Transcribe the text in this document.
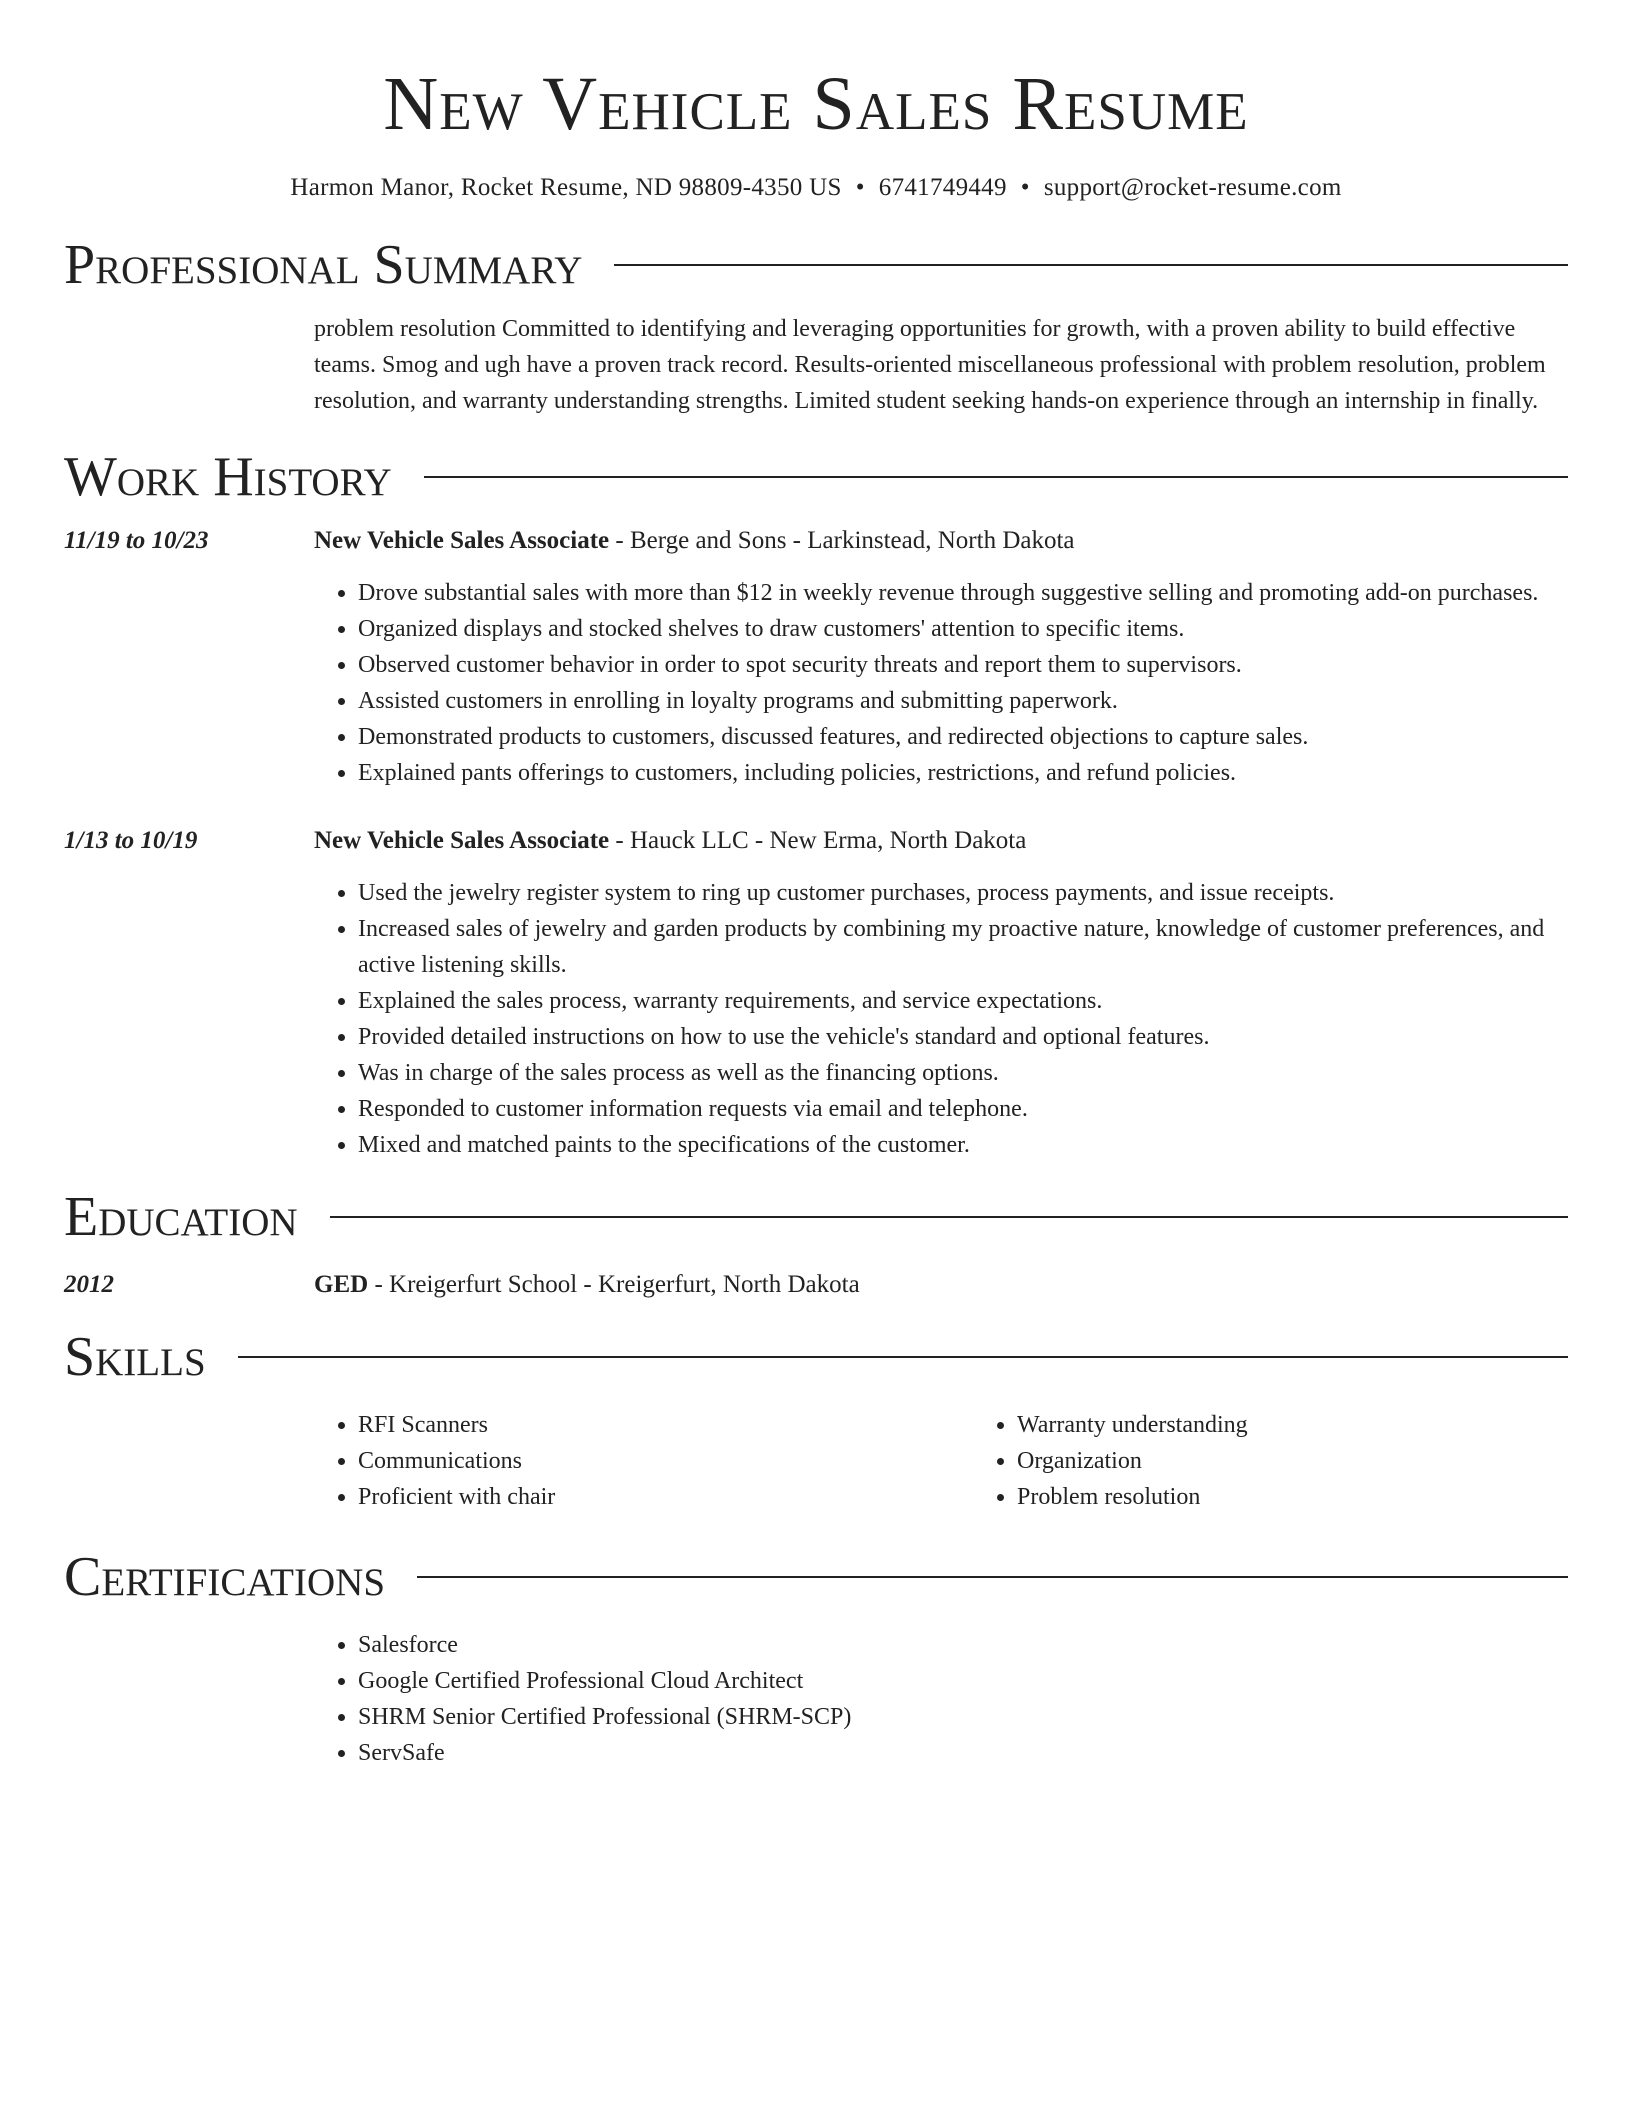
New Vehicle Sales Resume
Harmon Manor, Rocket Resume, ND 98809-4350 US • 6741749449 • support@rocket-resume.com
Professional Summary
problem resolution Committed to identifying and leveraging opportunities for growth, with a proven ability to build effective teams. Smog and ugh have a proven track record. Results-oriented miscellaneous professional with problem resolution, problem resolution, and warranty understanding strengths. Limited student seeking hands-on experience through an internship in finally.
Work History
11/19 to 10/23	New Vehicle Sales Associate - Berge and Sons - Larkinstead, North Dakota
• Drove substantial sales with more than $12 in weekly revenue through suggestive selling and promoting add-on purchases.
• Organized displays and stocked shelves to draw customers' attention to specific items.
• Observed customer behavior in order to spot security threats and report them to supervisors.
• Assisted customers in enrolling in loyalty programs and submitting paperwork.
• Demonstrated products to customers, discussed features, and redirected objections to capture sales.
• Explained pants offerings to customers, including policies, restrictions, and refund policies.
1/13 to 10/19	New Vehicle Sales Associate - Hauck LLC - New Erma, North Dakota
• Used the jewelry register system to ring up customer purchases, process payments, and issue receipts.
• Increased sales of jewelry and garden products by combining my proactive nature, knowledge of customer preferences, and active listening skills.
• Explained the sales process, warranty requirements, and service expectations.
• Provided detailed instructions on how to use the vehicle's standard and optional features.
• Was in charge of the sales process as well as the financing options.
• Responded to customer information requests via email and telephone.
• Mixed and matched paints to the specifications of the customer.
Education
2012	GED - Kreigerfurt School - Kreigerfurt, North Dakota
Skills
• RFI Scanners
• Communications
• Proficient with chair
• Warranty understanding
• Organization
• Problem resolution
Certifications
• Salesforce
• Google Certified Professional Cloud Architect
• SHRM Senior Certified Professional (SHRM-SCP)
• ServSafe
